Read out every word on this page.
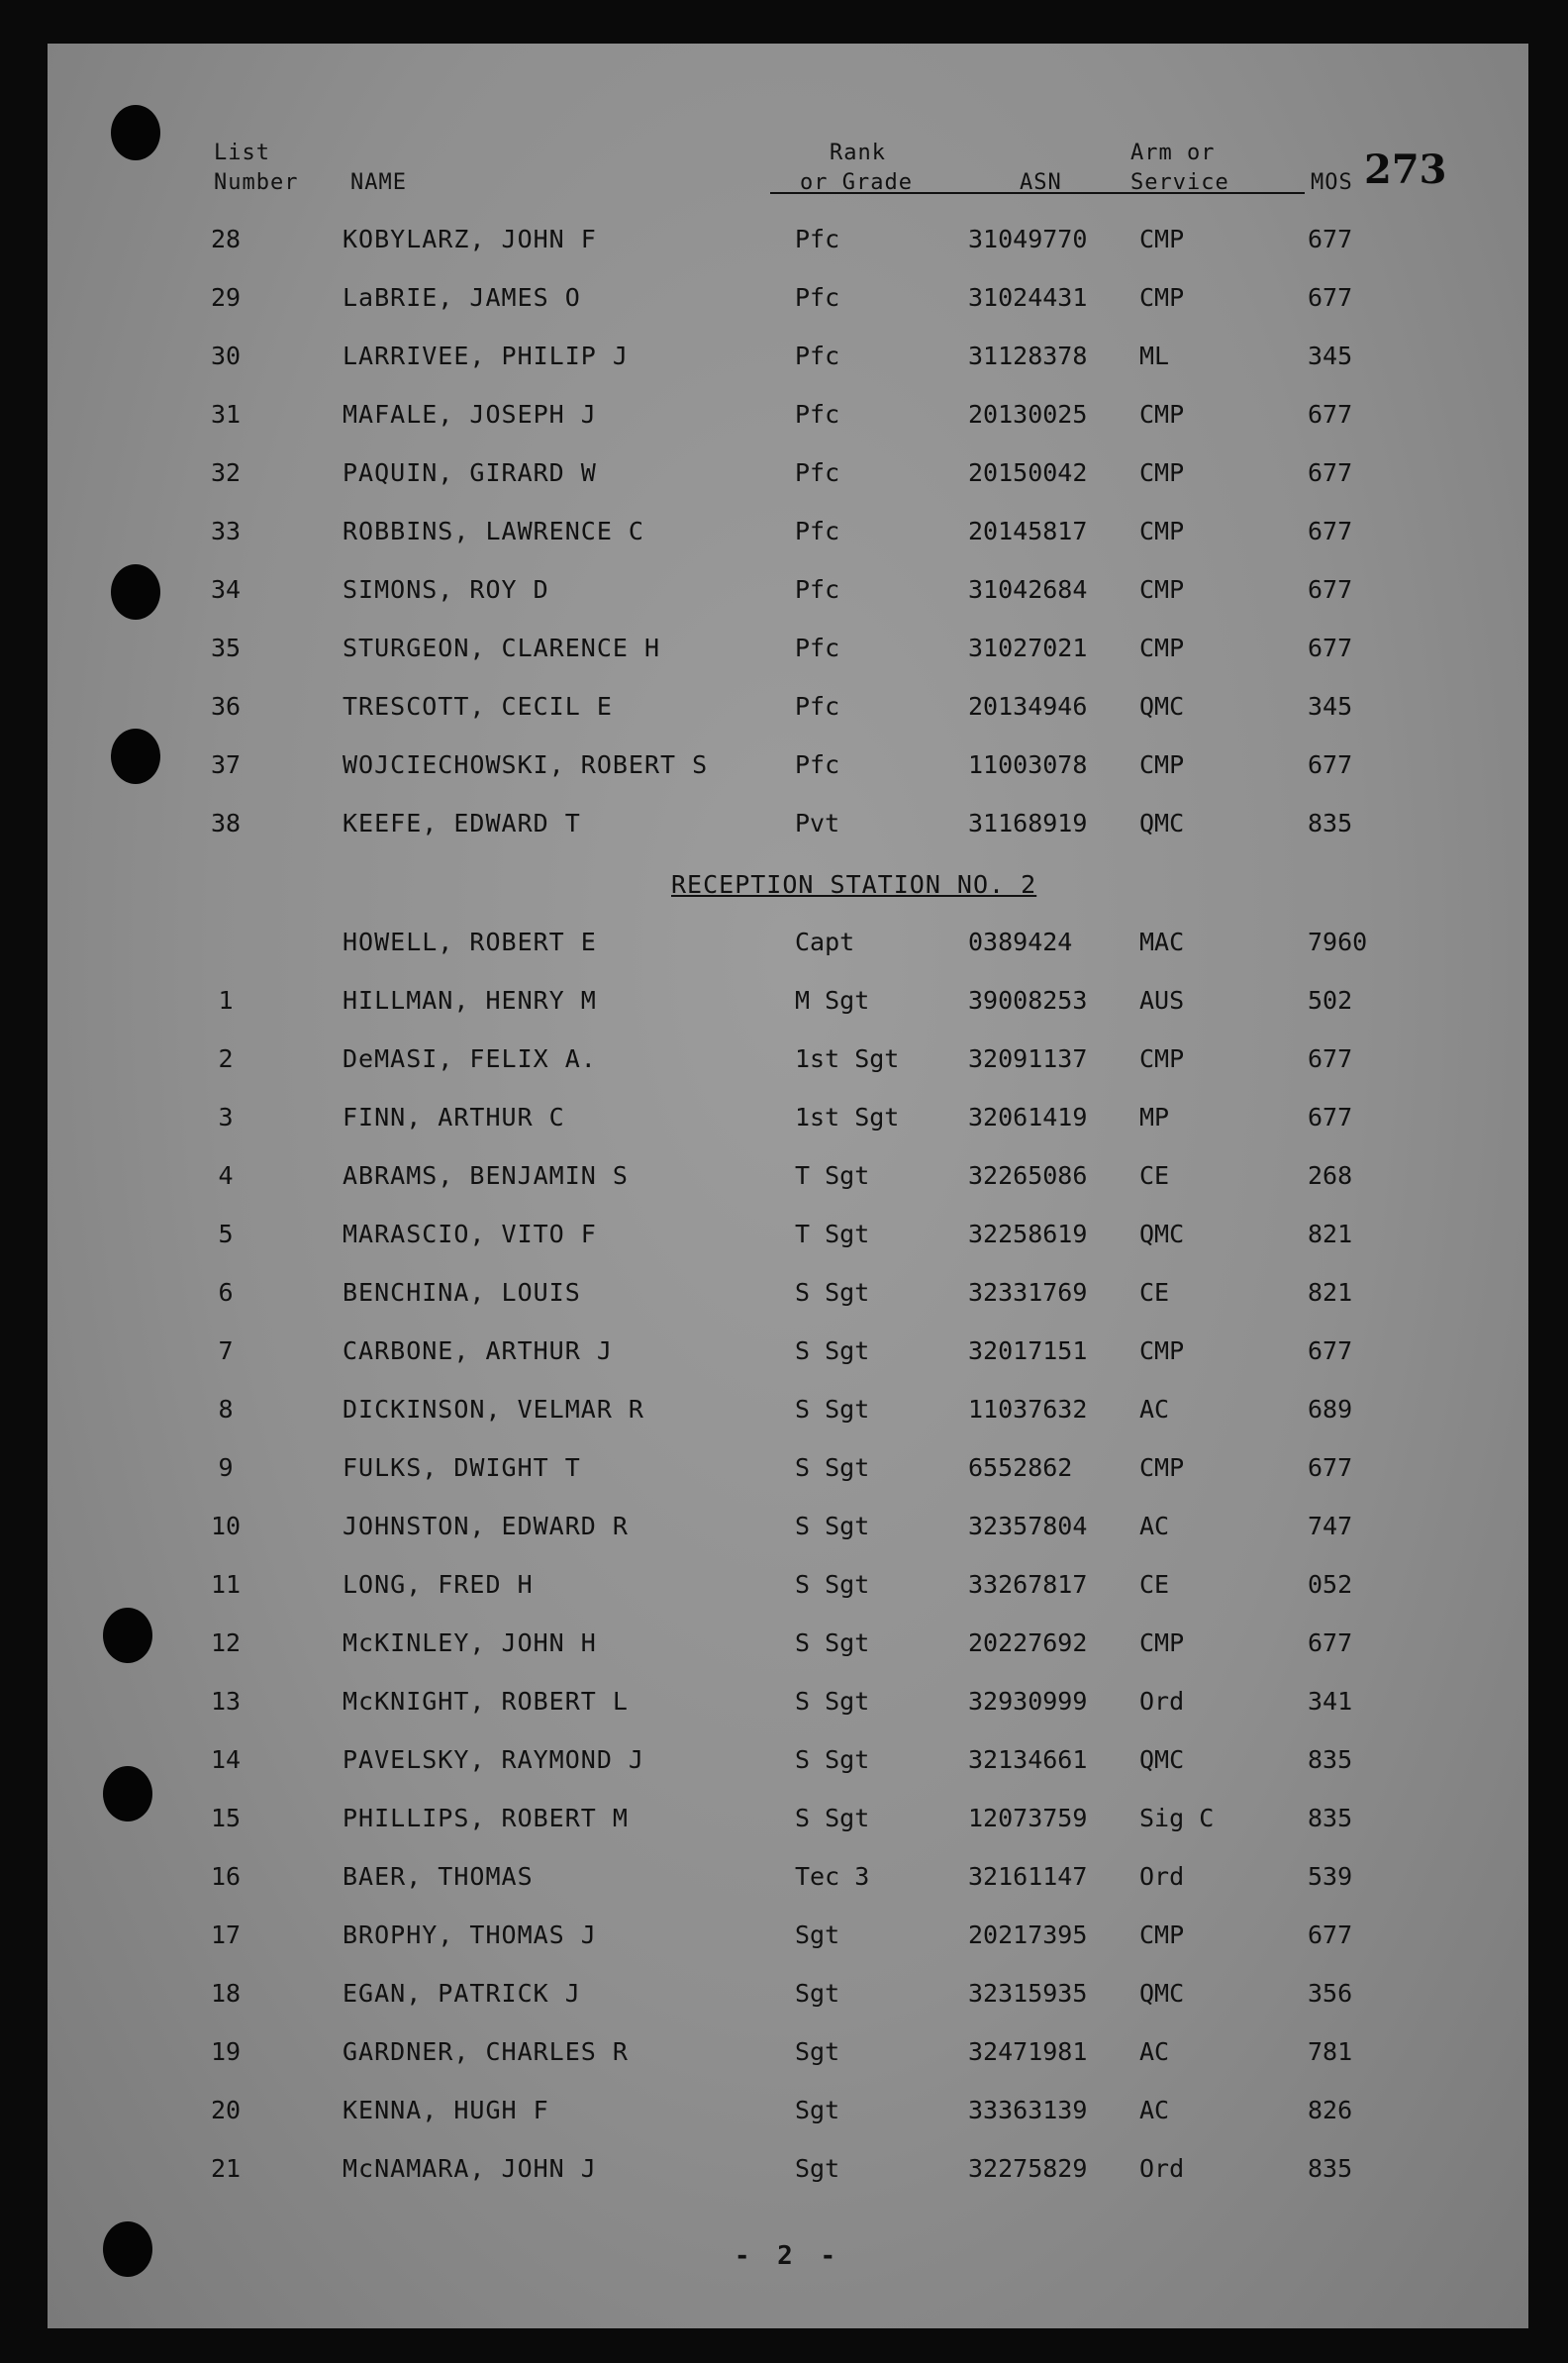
List
Number NAME
Rank
or Grade	ASN
Arm or
Service	MOS 273
28	KOBYLARZ, JOHN F	Pfc	31049770 CMP	677
29	LaBRIE, JAMES O	Pfc	31024431 CMP	677
30	LARRIVEE, PHILIP J	Pfc	31128378 ML	345
31	MAFALE, JOSEPH J	Pfc	20130025 CMP	677
32	PAQUIN, GIRARD W	Pfc	20150042 CMP	677
33	ROBBINS, LAWRENCE C	Pfc	20145817 CMP	677
34	SIMONS, ROY D	Pfc	31042684 CMP	677
35	STURGEON, CLARENCE H	Pfc	31027021 CMP	677
36	TRESCOTT, CECIL E	Pfc	20134946 QMC	345
37	WOJCIECHOWSKI, ROBERT S	Pfc	11003078 CMP	677
38	KEEFE, EDWARD T	Pvt	31168919 QMC	835
RECEPTION STATION NO. 2
HOWELL, ROBERT E	Capt	0389424	MAC	7960
1	HILLMAN, HENRY M	M Sgt	39008253 AUS	502
2	DeMASI, FELIX A.	1st Sgt	32091137 CMP	677
3	FINN, ARTHUR C	1st Sgt	32061419 MP	677
4	ABRAMS, BENJAMIN S	T Sgt	32265086 CE	268
5	MARASCIO, VITO F	T Sgt	32258619 QMC	821
6	BENCHINA, LOUIS	S Sgt	32331769 CE	821
7	CARBONE, ARTHUR J	S Sgt	32017151 CMP	677
8	DICKINSON, VELMAR R	S Sgt	11037632 AC	689
9	FULKS, DWIGHT T	S Sgt	6552862	CMP	677
10	JOHNSTON, EDWARD R	S Sgt	32357804 AC	747
11	LONG, FRED H	S Sgt	33267817 CE	052
12	McKINLEY, JOHN H	S Sgt	20227692 CMP	677
13	McKNIGHT, ROBERT L	S Sgt	32930999 Ord	341
14	PAVELSKY, RAYMOND J	S Sgt	32134661 QMC	835
15	PHILLIPS, ROBERT M	S Sgt	12073759 Sig C	835
16	BAER, THOMAS	Tec 3	32161147 Ord	539
17	BROPHY, THOMAS J	Sgt	20217395 CMP	677
18	EGAN, PATRICK J	Sgt	32315935 QMC	356
19	GARDNER, CHARLES R	Sgt	32471981 AC	781
20	KENNA, HUGH F	Sgt	33363139 AC	826
21	McNAMARA, JOHN J	Sgt	32275829 Ord	835
- 2 -
